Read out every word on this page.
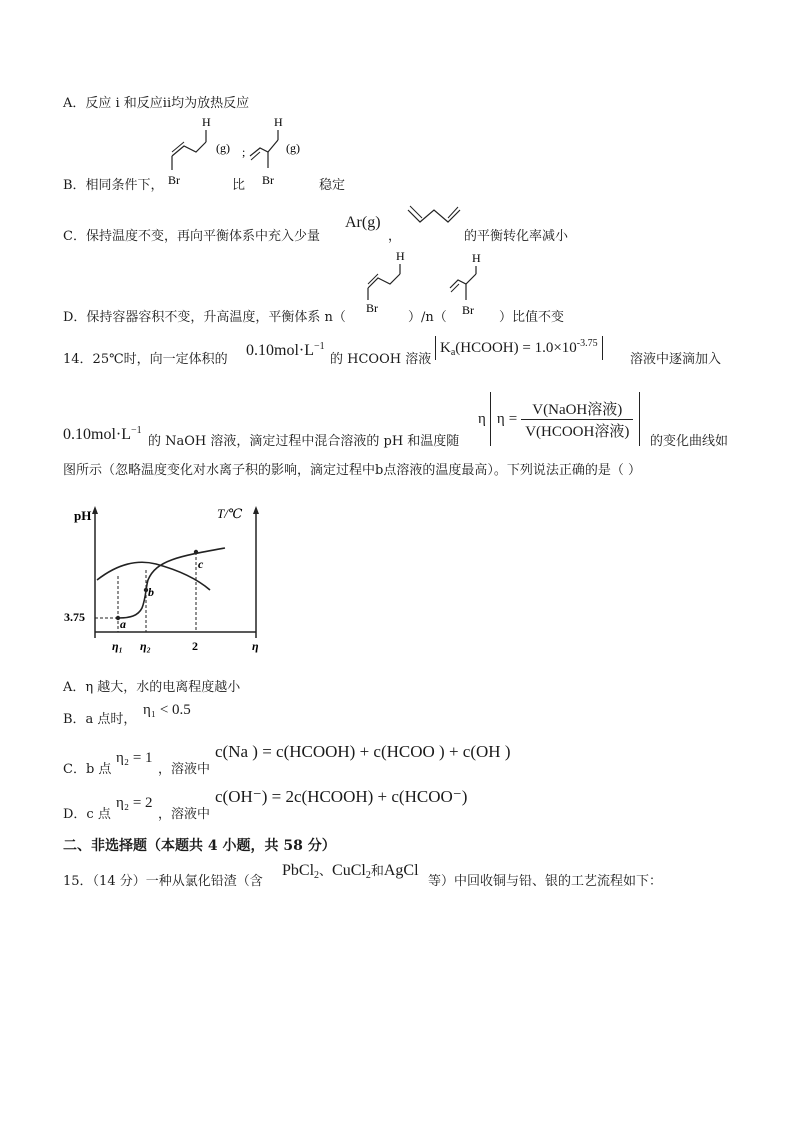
A．反应 i 和反应ii均为放热反应
H
Br
(g) ;
H
Br
(g)
B．相同条件下，	比	稳定
C．保持温度不变，再向平衡体系中充入少量
Ar(g)
，	的平衡转化率减小
H
Br
H
Br
D．保持容器容积不变，升高温度，平衡体系 n（	）/n（	）比值不变
14．25℃时，向一定体积的
$0.10mol\cdot L^{-1}$
的 HCOOH 溶液
$K_a(HCOOH) = 1.0\times 10^{-3.75}$
溶液中逐滴加入
$0.10mol\cdot L^{-1}$
的 NaOH 溶液，滴定过程中混合溶液的 pH 和温度随
η η =
V(NaOH溶液)
V(HCOOH溶液)
的变化曲线如
图所示（忽略温度变化对水离子积的影响，滴定过程中b点溶液的温度最高）。下列说法正确的是（ ）
pH	T/℃
3.75	a
b
c
η₁ η₂	2	η
A．η 越大，水的电离程度越小
B．a 点时，
η₁ < 0.5
C．b 点
η₂ = 1
，溶液中
c(Na ) = c(HCOOH) + c(HCOO ) + c(OH )
D．c 点
η₂ = 2
，溶液中
c(OH⁻) = 2c(HCOOH) + c(HCOO⁻)
二、非选择题（本题共 4 小题，共 58 分）
15．（14 分）一种从氯化铅渣（含
PbCl$_2$、CuCl$_2$和AgCl
等）中回收铜与铅、银的工艺流程如下：
